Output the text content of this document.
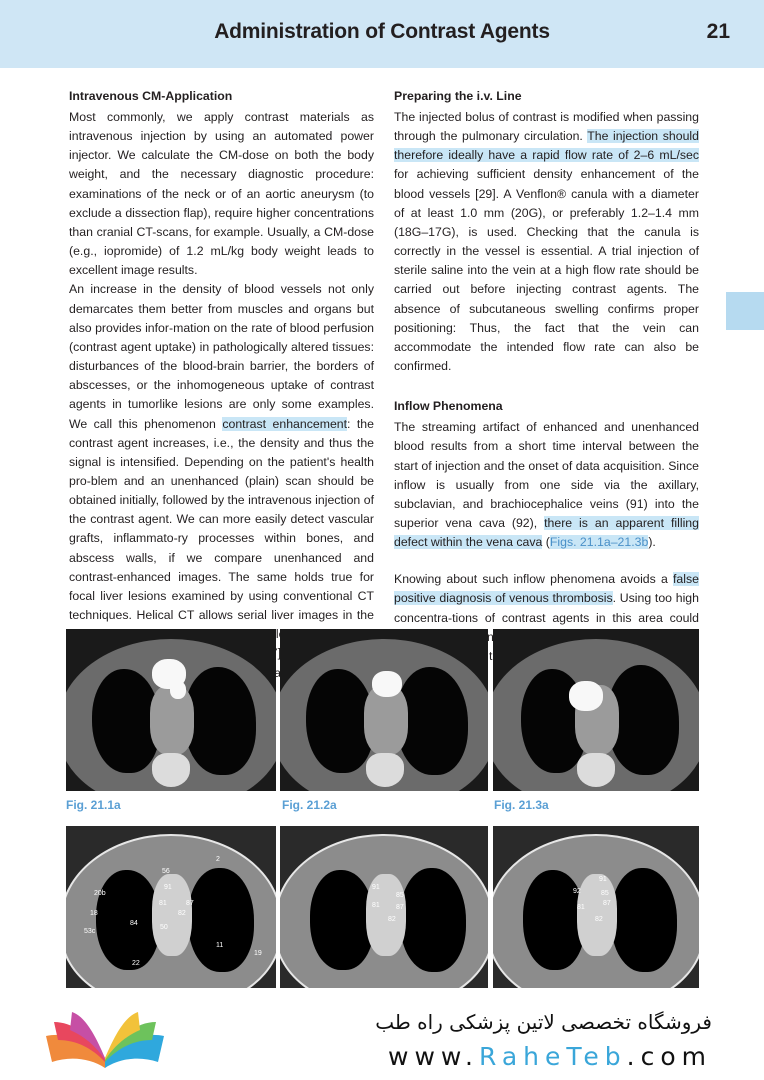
Administration of Contrast Agents	21
Intravenous CM-Application

Most commonly, we apply contrast materials as intravenous injection by using an automated power injector. We calculate the CM-dose on both the body weight, and the necessary diagnostic procedure: examinations of the neck or of an aortic aneurysm (to exclude a dissection flap), require higher concentrations than cranial CT-scans, for example. Usually, a CM-dose (e.g., iopromide) of 1.2 mL/kg body weight leads to excellent image results.

An increase in the density of blood vessels not only demarcates them better from muscles and organs but also provides infor-mation on the rate of blood perfusion (contrast agent uptake) in pathologically altered tissues: disturbances of the blood-brain barrier, the borders of abscesses, or the inhomogeneous uptake of contrast agents in tumorlike lesions are only some examples. We call this phenomenon contrast enhancement: the contrast agent increases, i.e., the density and thus the signal is intensified. Depending on the patient's health pro-blem and an unenhanced (plain) scan should be obtained initially, followed by the intravenous injection of the contrast agent. We can more easily detect vascular grafts, inflammato-ry processes within bones, and abscess walls, if we compare unenhanced and contrast-enhanced images. The same holds true for focal liver lesions examined by using conventional CT techniques. Helical CT allows serial liver images in the

Preparing the i.v. Line

The injected bolus of contrast is modified when passing through the pulmonary circulation. The injection should therefore ideally have a rapid flow rate of 2–6 mL/sec for achieving sufficient density enhancement of the blood vessels [29]. A Venflon® canula with a diameter of at least 1.0 mm (20G), or preferably 1.2–1.4 mm (18G–17G), is used. Checking that the canula is correctly in the vessel is essential. A trial injection of sterile saline into the vein at a high flow rate should be carried out before injecting contrast agents. The absence of subcutaneous swelling confirms proper positioning: Thus, the fact that the vein can accommodate the intended flow rate can also be confirmed.

Inflow Phenomena

The streaming artifact of enhanced and unenhanced blood results from a short time interval between the start of injection and the onset of data acquisition. Since inflow is usually from one side via the axillary, subclavian, and brachiocephalice veins (91) into the superior vena cava (92), there is an apparent filling defect within the vena cava (Figs. 21.1a–21.3b).

Knowing about such inflow phenomena avoids a false positive diagnosis of venous thrombosis. Using too high concentra-tions of contrast agents in this area could

Fig. 21.1a	Fig. 21.2a	Fig. 21.3a
2
56
91
81	87
82
84
50
18
53c
22
20b
11
19
91
85
81 87
82
91
92	85
87
81
82
فروشگاه تخصصی لاتین پزشکی راه طب
www.RaheTeb.com
